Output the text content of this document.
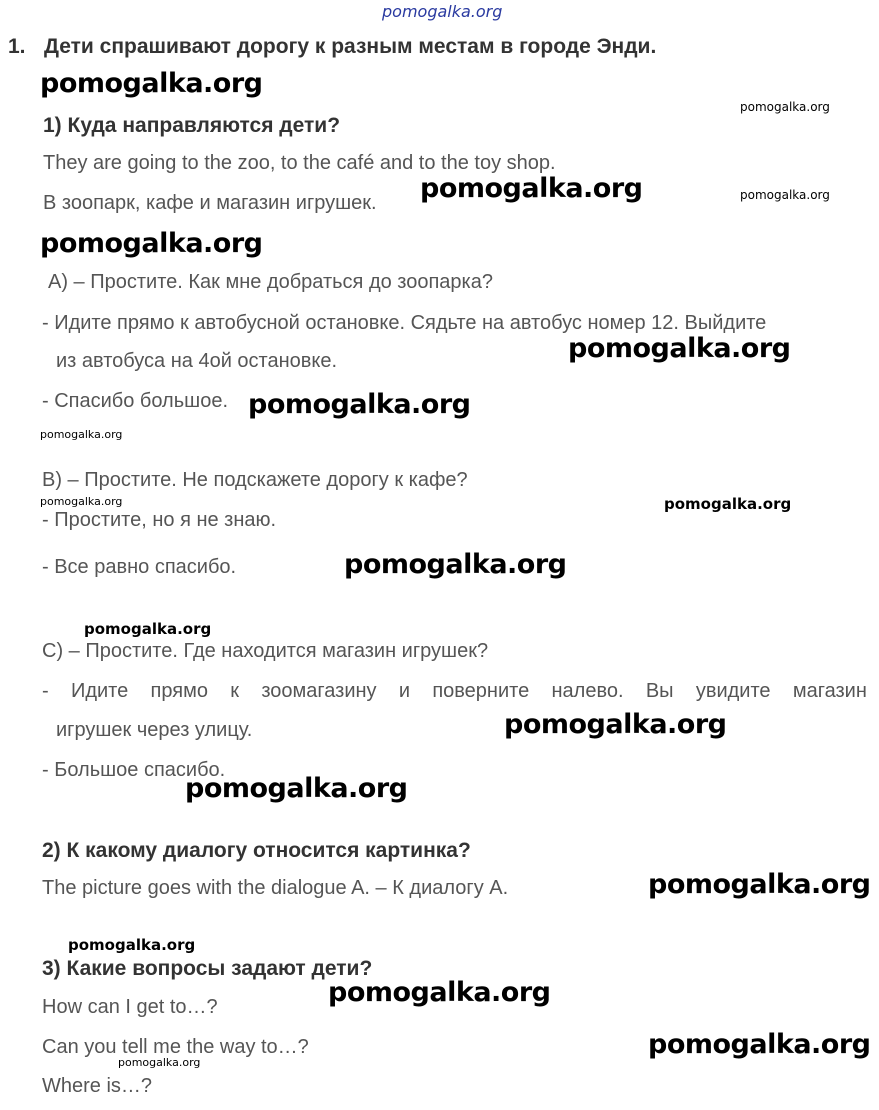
pomogalka.org
1. Дети спрашивают дорогу к разным местам в городе Энди.
pomogalka.org
pomogalka.org
1) Куда направляются дети?
They are going to the zoo, to the café and to the toy shop.
В зоопарк, кафе и магазин игрушек. pomogalka.org	pomogalka.org
pomogalka.org
А) – Простите. Как мне добраться до зоопарка?
- Идите прямо к автобусной остановке. Сядьте на автобус номер 12. Выйдите
из автобуса на 4ой остановке.	pomogalka.org
- Спасибо большое. pomogalka.org
pomogalka.org
В) – Простите. Не подскажете дорогу к кафе?
pomogalka.org	pomogalka.org
- Простите, но я не знаю.
- Все равно спасибо.	pomogalka.org
pomogalka.org
С) – Простите. Где находится магазин игрушек?
- Идите прямо к зоомагазину и поверните налево. Вы увидите магазин
игрушек через улицу.	pomogalka.org
- Большое спасибо.
pomogalka.org
2) К какому диалогу относится картинка?
The picture goes with the dialogue A. – К диалогу А.	pomogalka.org
pomogalka.org
3) Какие вопросы задают дети?
pomogalka.org
How can I get to…?
Can you tell me the way to…?	pomogalka.org
pomogalka.org
Where is…?
